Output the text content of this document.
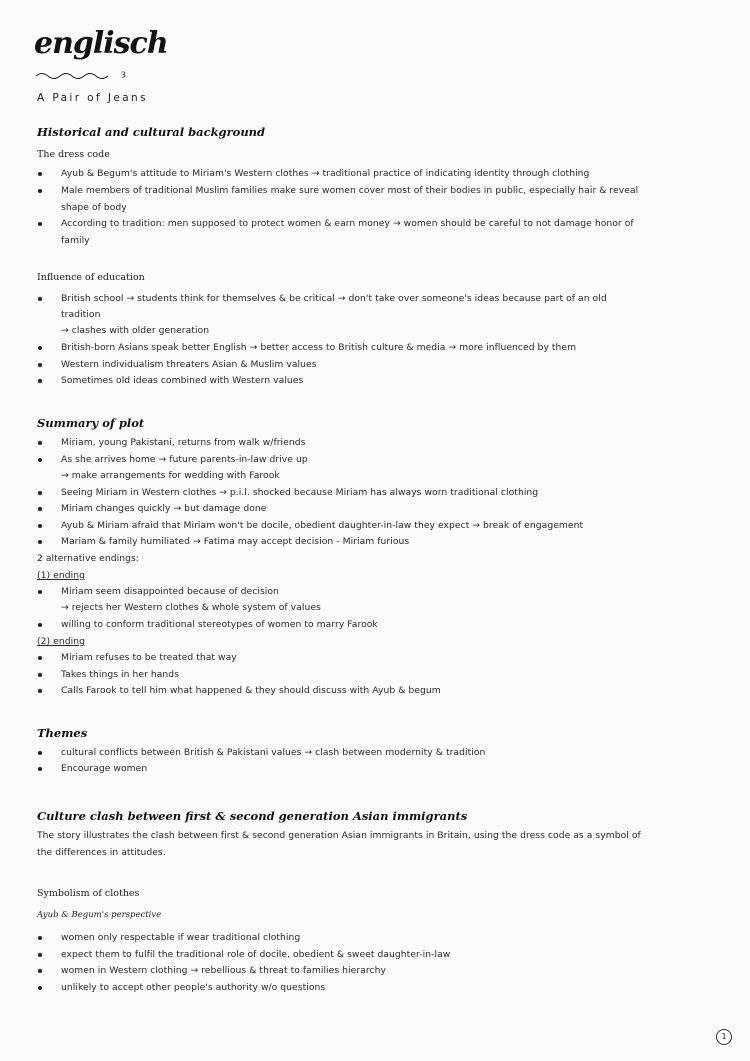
englisch
3
A Pair of Jeans
Historical and cultural background
The dress code
Ayub & Begum's attitude to Miriam's Western clothes → traditional practice of indicating identity through clothing
Male members of traditional Muslim families make sure women cover most of their bodies in public, especially hair & reveal
shape of body
According to tradition: men supposed to protect women & earn money → women should be careful to not damage honor of
family
Influence of education
British school → students think for themselves & be critical → don't take over someone's ideas because part of an old
tradition
→ clashes with older generation
British-born Asians speak better English → better access to British culture & media → more influenced by them
Western individualism threaters Asian & Muslim values
Sometimes old ideas combined with Western values
Summary of plot
Miriam, young Pakistani, returns from walk w/friends
As she arrives home → future parents-in-law drive up
→ make arrangements for wedding with Farook
Seeing Miriam in Western clothes → p.i.l. shocked because Miriam has always worn traditional clothing
Miriam changes quickly → but damage done
Ayub & Miriam afraid that Miriam won't be docile, obedient daughter-in-law they expect → break of engagement
Mariam & family humiliated → Fatima may accept decision - Miriam furious
2 alternative endings:
(1) ending
Miriam seem disappointed because of decision
→ rejects her Western clothes & whole system of values
willing to conform traditional stereotypes of women to marry Farook
(2) ending
Miriam refuses to be treated that way
Takes things in her hands
Calls Farook to tell him what happened & they should discuss with Ayub & begum
Themes
cultural conflicts between British & Pakistani values → clash between modernity & tradition
Encourage women
Culture clash between first & second generation Asian immigrants
The story illustrates the clash between first & second generation Asian immigrants in Britain, using the dress code as a symbol of
the differences in attitudes.
Symbolism of clothes
Ayub & Begum's perspective
women only respectable if wear traditional clothing
expect them to fulfil the traditional role of docile, obedient & sweet daughter-in-law
women in Western clothing → rebellious & threat to families hierarchy
unlikely to accept other people's authority w/o questions
1
